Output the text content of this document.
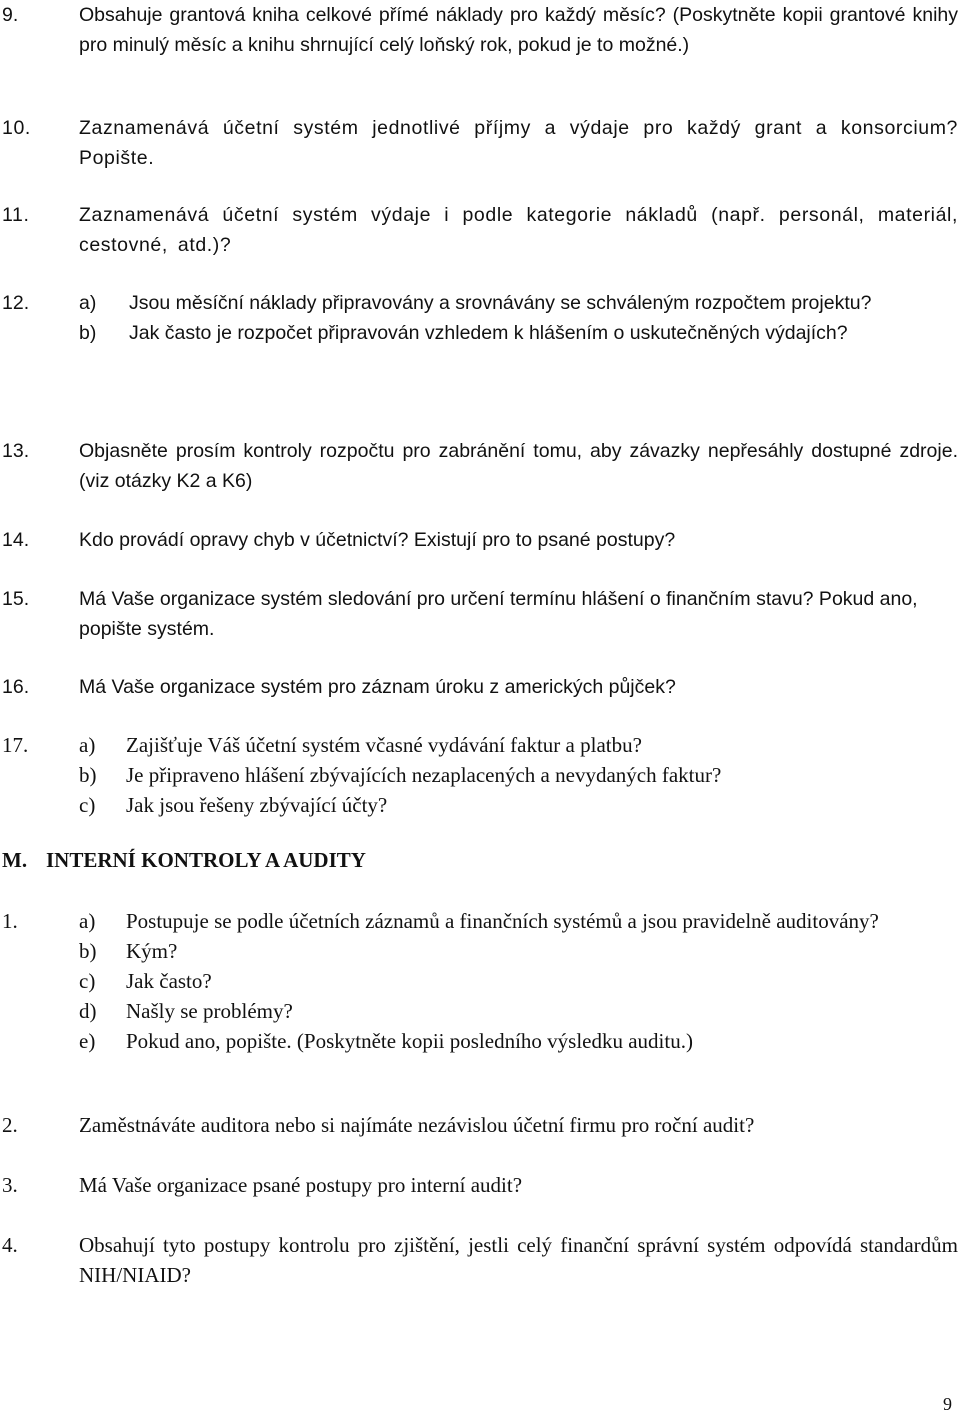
9.	Obsahuje grantová kniha celkové přímé náklady pro každý měsíc? (Poskytněte kopii grantové knihy pro minulý měsíc a knihu shrnující celý loňský rok, pokud je to možné.)
10. Zaznamenává účetní systém jednotlivé příjmy a výdaje pro každý grant a konsorcium? Popište.
11.	Zaznamenává účetní systém výdaje i podle kategorie nákladů (např. personál, materiál, cestovné, atd.)?
12.	a) Jsou měsíční náklady připravovány a srovnávány se schváleným rozpočtem projektu?
b) Jak často je rozpočet připravován vzhledem k hlášením o uskutečněných výdajích?
13.	Objasněte prosím kontroly rozpočtu pro zabránění tomu, aby závazky nepřesáhly dostupné zdroje. (viz otázky K2 a K6)
14.	Kdo provádí opravy chyb v účetnictví? Existují pro to psané postupy?
15.	Má Vaše organizace systém sledování pro určení termínu hlášení o finančním stavu? Pokud ano, popište systém.
16.	Má Vaše organizace systém pro záznam úroku z amerických půjček?
17. a) Zajišťuje Váš účetní systém včasné vydávání faktur a platbu?
b) Je připraveno hlášení zbývajících nezaplacených a nevydaných faktur?
c) Jak jsou řešeny zbývající účty?
M. INTERNÍ KONTROLY A AUDITY
1.	a) Postupuje se podle účetních záznamů a finančních systémů a jsou pravidelně auditovány?
b) Kým?
c) Jak často?
d) Našly se problémy?
e) Pokud ano, popište. (Poskytněte kopii posledního výsledku auditu.)
2.	Zaměstnáváte auditora nebo si najímáte nezávislou účetní firmu pro roční audit?
3.	Má Vaše organizace psané postupy pro interní audit?
4.	Obsahují tyto postupy kontrolu pro zjištění, jestli celý finanční správní systém odpovídá standardům NIH/NIAID?
9
